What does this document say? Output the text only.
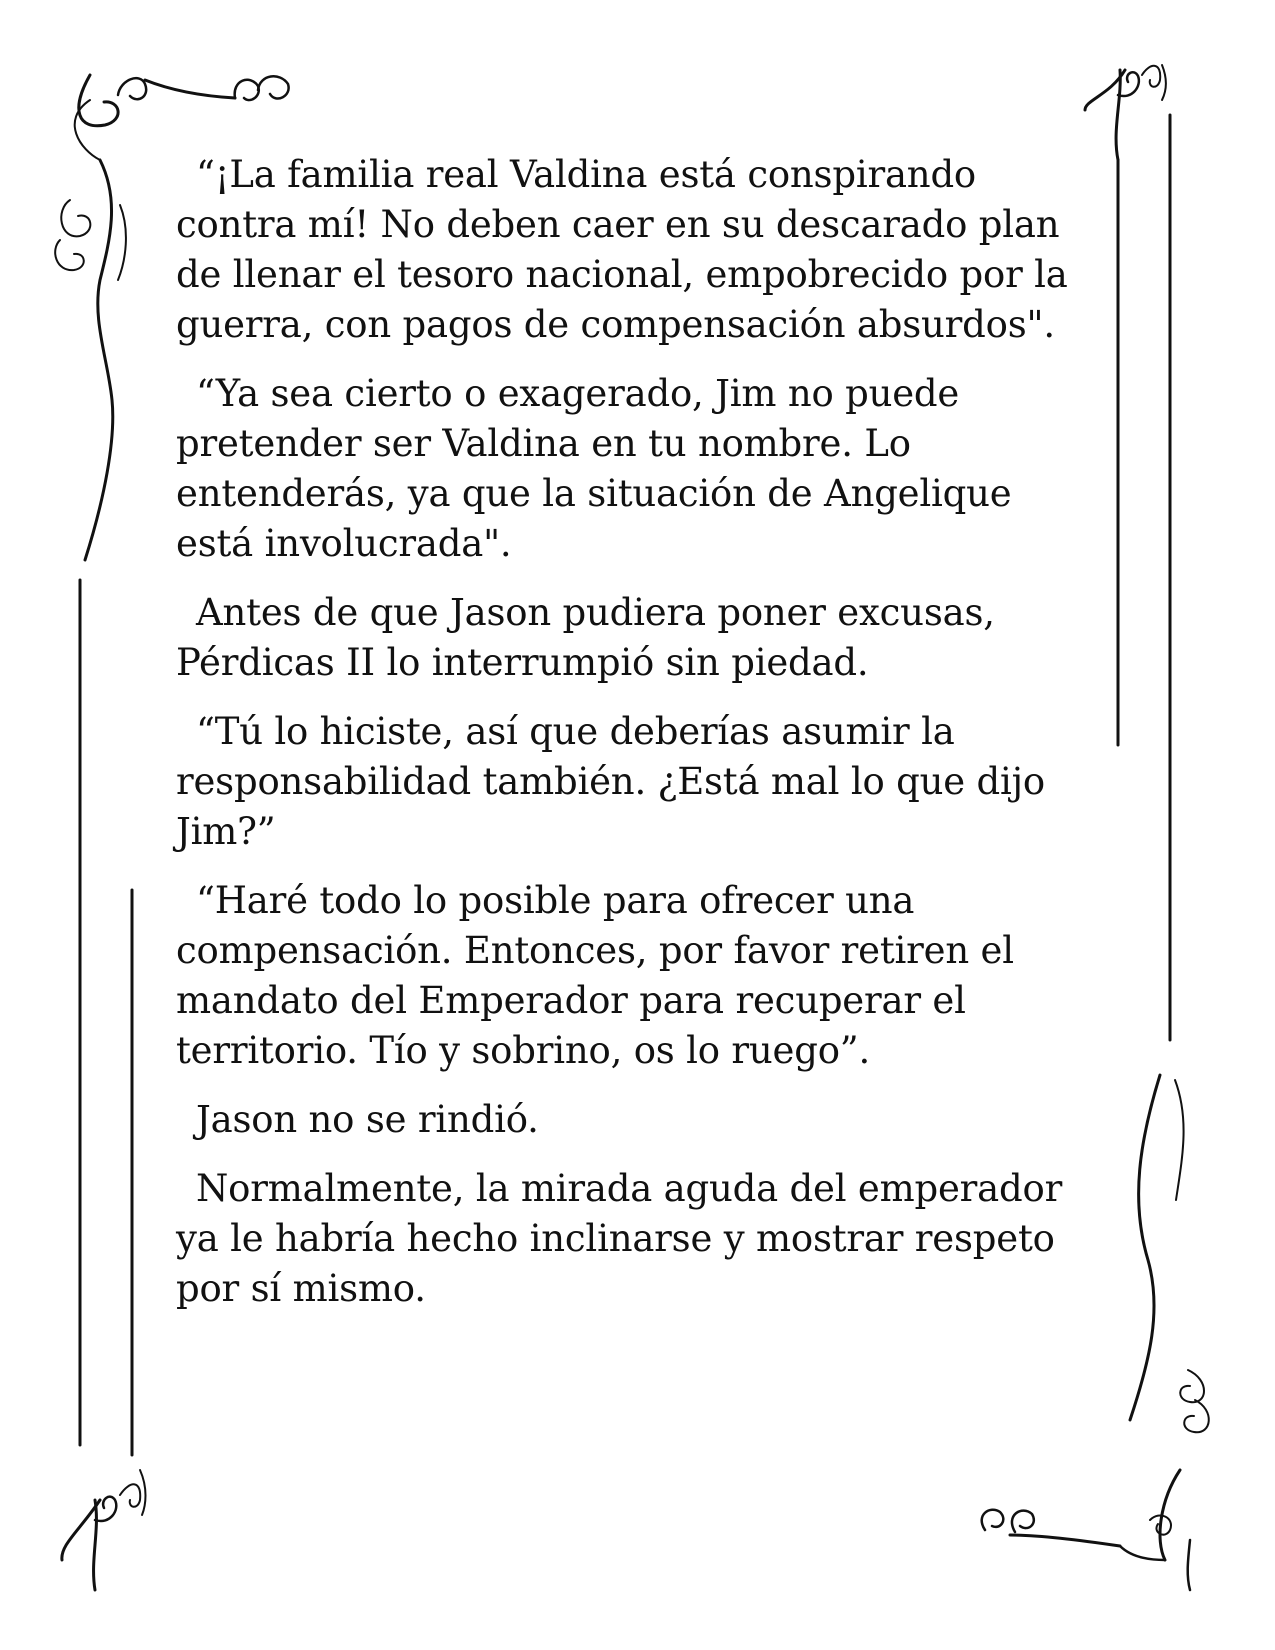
“¡La familia real Valdina está conspirando contra mí! No deben caer en su descarado plan de llenar el tesoro nacional, empobrecido por la guerra, con pagos de compensación absurdos".

“Ya sea cierto o exagerado, Jim no puede pretender ser Valdina en tu nombre. Lo entenderás, ya que la situación de Angelique está involucrada".

Antes de que Jason pudiera poner excusas, Pérdicas II lo interrumpió sin piedad.

“Tú lo hiciste, así que deberías asumir la responsabilidad también. ¿Está mal lo que dijo Jim?”

“Haré todo lo posible para ofrecer una compensación. Entonces, por favor retiren el mandato del Emperador para recuperar el territorio. Tío y sobrino, os lo ruego”.

Jason no se rindió.

Normalmente, la mirada aguda del emperador ya le habría hecho inclinarse y mostrar respeto por sí mismo.
